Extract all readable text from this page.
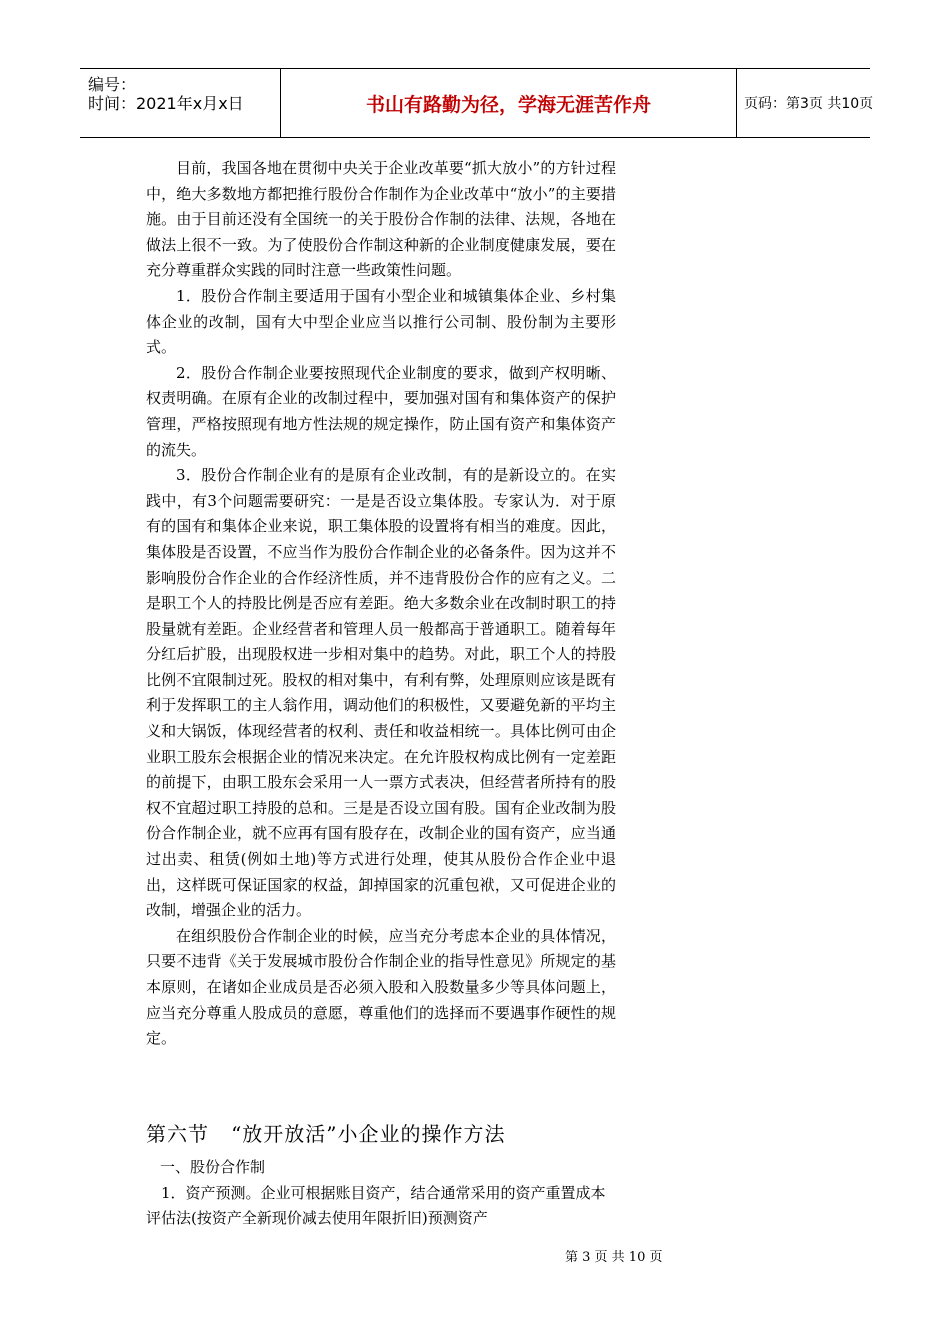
编号：
时间：2021年x月x日	书山有路勤为径，学海无涯苦作舟	页码：第3页 共10页

目前，我国各地在贯彻中央关于企业改革要“抓大放小”的方针过程中，绝大多数地方都把推行股份合作制作为企业改革中“放小”的主要措施。由于目前还没有全国统一的关于股份合作制的法律、法规，各地在做法上很不一致。为了使股份合作制这种新的企业制度健康发展，要在充分尊重群众实践的同时注意一些政策性问题。

1．股份合作制主要适用于国有小型企业和城镇集体企业、乡村集体企业的改制，国有大中型企业应当以推行公司制、股份制为主要形式。

2．股份合作制企业要按照现代企业制度的要求，做到产权明晰、权责明确。在原有企业的改制过程中，要加强对国有和集体资产的保护管理，严格按照现有地方性法规的规定操作，防止国有资产和集体资产的流失。

3．股份合作制企业有的是原有企业改制，有的是新设立的。在实践中，有3个问题需要研究：一是是否设立集体股。专家认为．对于原有的国有和集体企业来说，职工集体股的设置将有相当的难度。因此，集体股是否设置，不应当作为股份合作制企业的必备条件。因为这并不影响股份合作企业的合作经济性质，并不违背股份合作的应有之义。二是职工个人的持股比例是否应有差距。绝大多数余业在改制时职工的持股量就有差距。企业经营者和管理人员一般都高于普通职工。随着每年分红后扩股，出现股权进一步相对集中的趋势。对此，职工个人的持股比例不宜限制过死。股权的相对集中，有利有弊，处理原则应该是既有利于发挥职工的主人翁作用，调动他们的积极性，又要避免新的平均主义和大锅饭，体现经营者的权利、责任和收益相统一。具体比例可由企业职工股东会根据企业的情况来决定。在允许股权构成比例有一定差距的前提下，由职工股东会采用一人一票方式表决，但经营者所持有的股权不宜超过职工持股的总和。三是是否设立国有股。国有企业改制为股份合作制企业，就不应再有国有股存在，改制企业的国有资产，应当通过出卖、租赁(例如土地)等方式进行处理，使其从股份合作企业中退出，这样既可保证国家的权益，卸掉国家的沉重包袱，又可促进企业的改制，增强企业的活力。

在组织股份合作制企业的时候，应当充分考虑本企业的具体情况，只要不违背《关于发展城市股份合作制企业的指导性意见》所规定的基本原则，在诸如企业成员是否必须入股和入股数量多少等具体问题上，应当充分尊重人股成员的意愿，尊重他们的选择而不要遇事作硬性的规定。

第六节   “放开放活”小企业的操作方法

一、股份合作制

1．资产预测。企业可根据账目资产，结合通常采用的资产重置成本评估法(按资产全新现价减去使用年限折旧)预测资产

第 3 页 共 10 页
